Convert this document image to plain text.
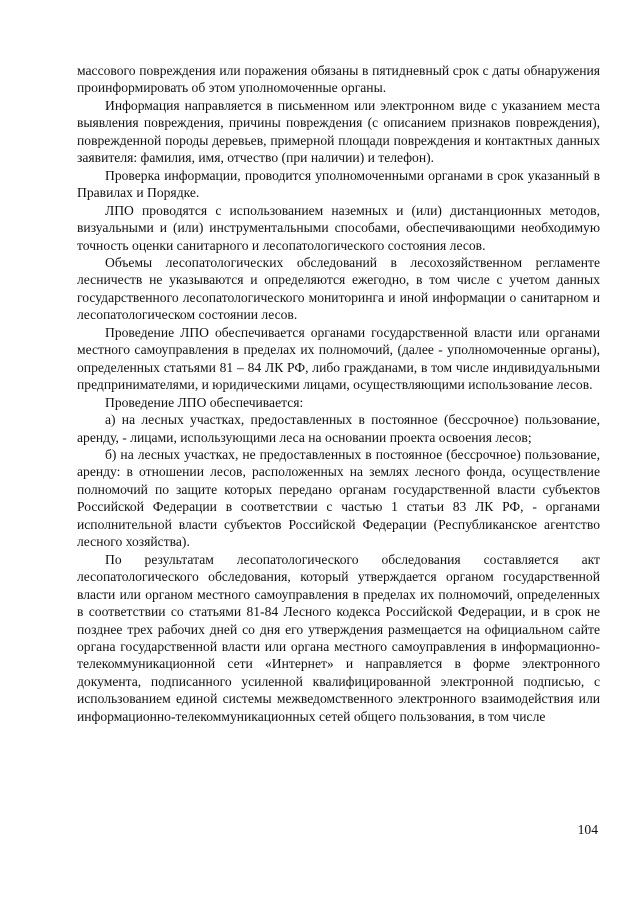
массового повреждения или поражения обязаны в пятидневный срок с даты обнаружения проинформировать об этом уполномоченные органы.

Информация направляется в письменном или электронном виде с указанием места выявления повреждения, причины повреждения (с описанием признаков повреждения), поврежденной породы деревьев, примерной площади повреждения и контактных данных заявителя: фамилия, имя, отчество (при наличии) и телефон).

Проверка информации, проводится уполномоченными органами в срок указанный в Правилах и Порядке.

ЛПО проводятся с использованием наземных и (или) дистанционных методов, визуальными и (или) инструментальными способами, обеспечивающими необходимую точность оценки санитарного и лесопатологического состояния лесов.

Объемы лесопатологических обследований в лесохозяйственном регламенте лесничеств не указываются и определяются ежегодно, в том числе с учетом данных государственного лесопатологического мониторинга и иной информации о санитарном и лесопатологическом состоянии лесов.

Проведение ЛПО обеспечивается органами государственной власти или органами местного самоуправления в пределах их полномочий, (далее - уполномоченные органы), определенных статьями 81 – 84 ЛК РФ, либо гражданами, в том числе индивидуальными предпринимателями, и юридическими лицами, осуществляющими использование лесов.

Проведение ЛПО обеспечивается:

а) на лесных участках, предоставленных в постоянное (бессрочное) пользование, аренду, - лицами, использующими леса на основании проекта освоения лесов;

б) на лесных участках, не предоставленных в постоянное (бессрочное) пользование, аренду: в отношении лесов, расположенных на землях лесного фонда, осуществление полномочий по защите которых передано органам государственной власти субъектов Российской Федерации в соответствии с частью 1 статьи 83 ЛК РФ, - органами исполнительной власти субъектов Российской Федерации (Республиканское агентство лесного хозяйства).

По результатам лесопатологического обследования составляется акт лесопатологического обследования, который утверждается органом государственной власти или органом местного самоуправления в пределах их полномочий, определенных в соответствии со статьями 81-84 Лесного кодекса Российской Федерации, и в срок не позднее трех рабочих дней со дня его утверждения размещается на официальном сайте органа государственной власти или органа местного самоуправления в информационно-телекоммуникационной сети «Интернет» и направляется в форме электронного документа, подписанного усиленной квалифицированной электронной подписью, с использованием единой системы межведомственного электронного взаимодействия или информационно-телекоммуникационных сетей общего пользования, в том числе

104
